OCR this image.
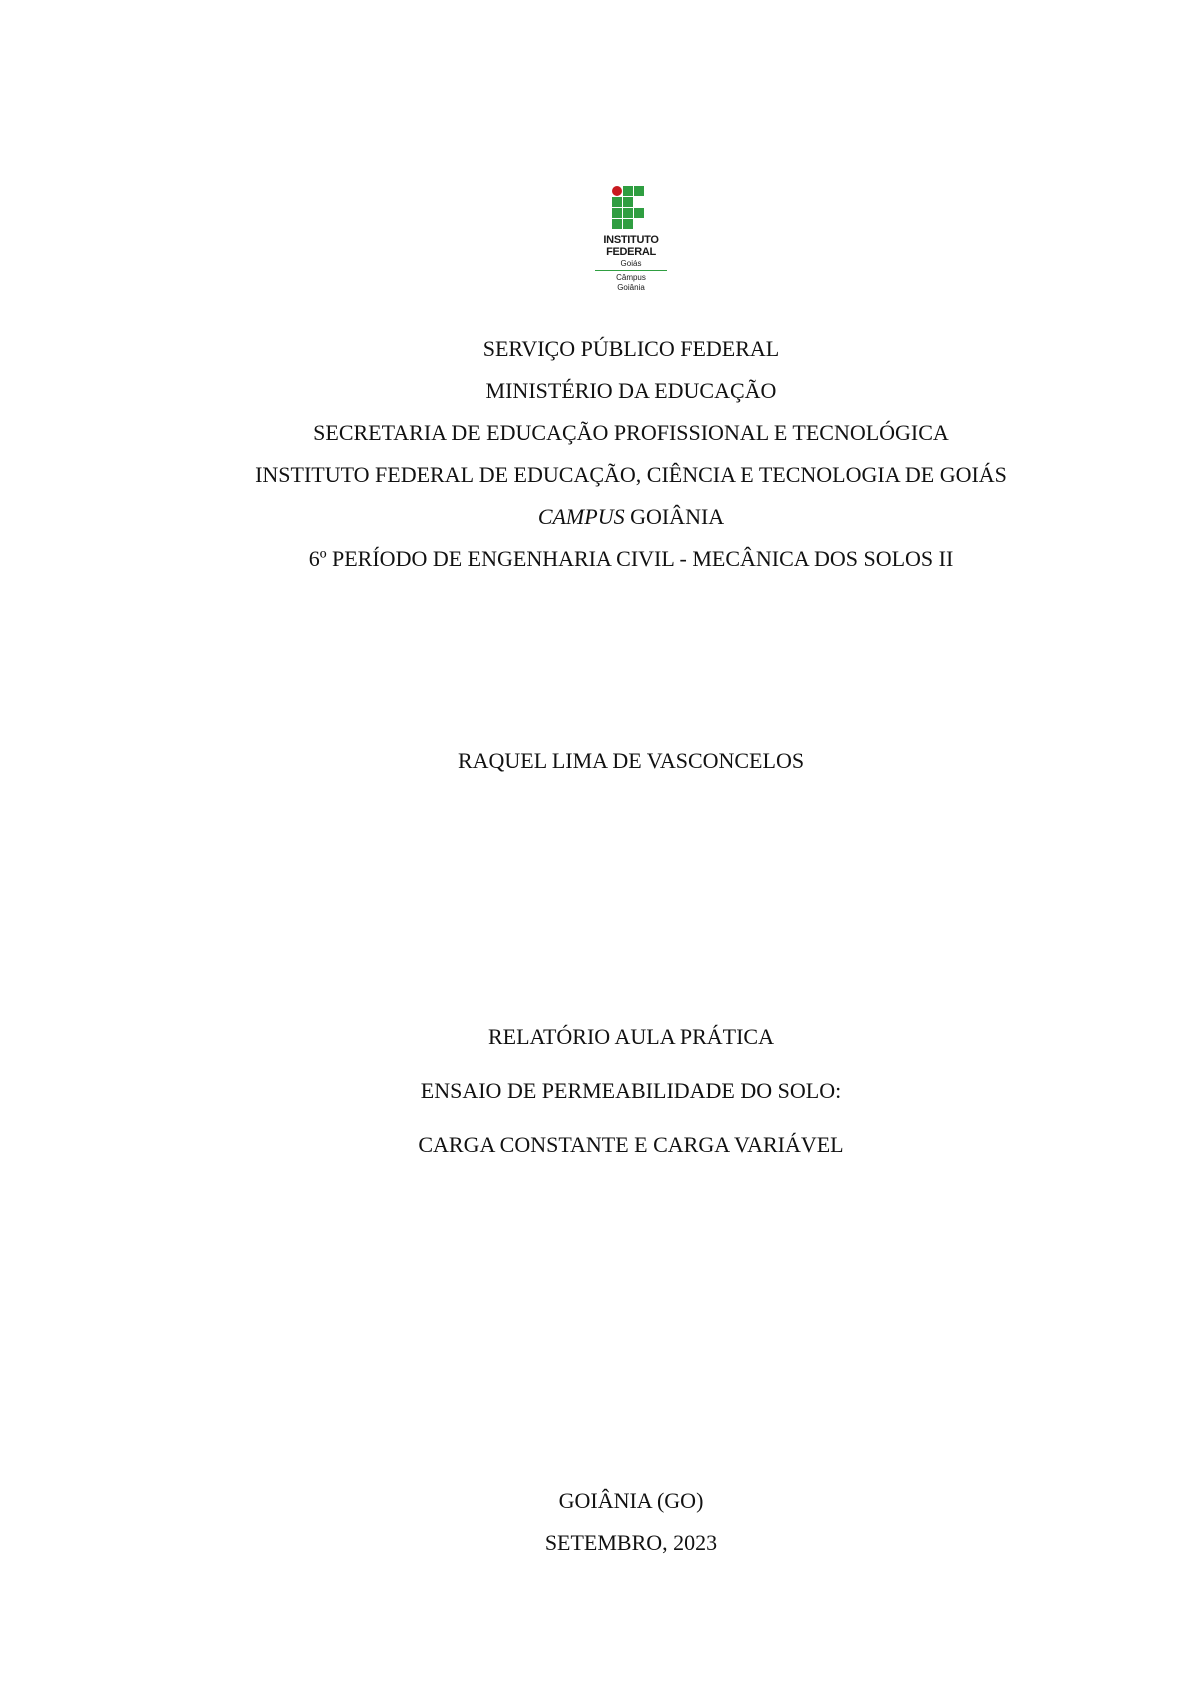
INSTITUTO
FEDERAL
Goiás
Câmpus
Goiânia
SERVIÇO PÚBLICO FEDERAL
MINISTÉRIO DA EDUCAÇÃO
SECRETARIA DE EDUCAÇÃO PROFISSIONAL E TECNOLÓGICA
INSTITUTO FEDERAL DE EDUCAÇÃO, CIÊNCIA E TECNOLOGIA DE GOIÁS
CAMPUS GOIÂNIA
6º PERÍODO DE ENGENHARIA CIVIL - MECÂNICA DOS SOLOS II
RAQUEL LIMA DE VASCONCELOS
RELATÓRIO AULA PRÁTICA
ENSAIO DE PERMEABILIDADE DO SOLO:
CARGA CONSTANTE E CARGA VARIÁVEL
GOIÂNIA (GO)
SETEMBRO, 2023
